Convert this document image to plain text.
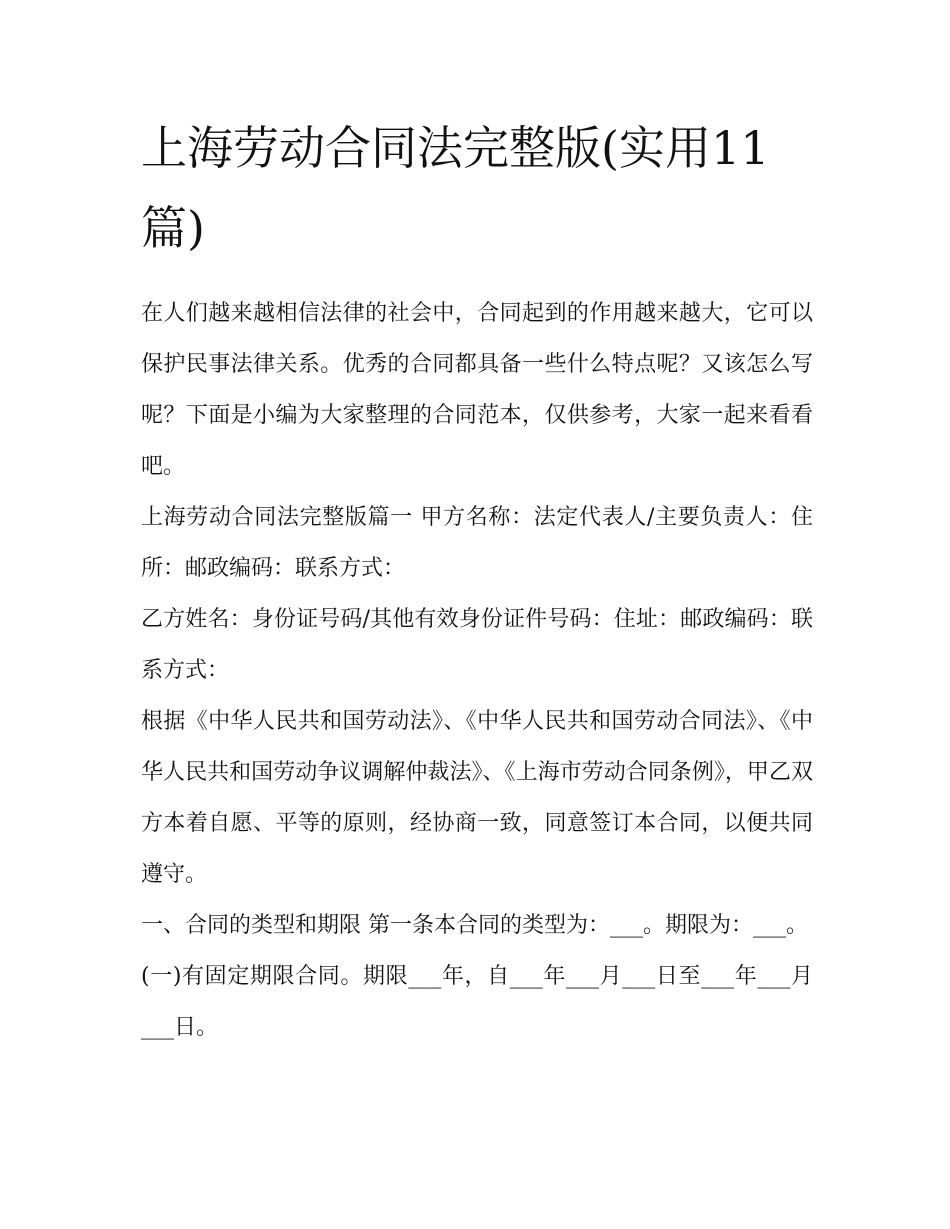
上海劳动合同法完整版(实用11篇)

在人们越来越相信法律的社会中，合同起到的作用越来越大，它可以保护民事法律关系。优秀的合同都具备一些什么特点呢？又该怎么写呢？下面是小编为大家整理的合同范本，仅供参考，大家一起来看看吧。

上海劳动合同法完整版篇一 甲方名称：法定代表人/主要负责人：住所：邮政编码：联系方式：

乙方姓名：身份证号码/其他有效身份证件号码：住址：邮政编码：联系方式：

根据《中华人民共和国劳动法》、《中华人民共和国劳动合同法》、《中华人民共和国劳动争议调解仲裁法》、《上海市劳动合同条例》，甲乙双方本着自愿、平等的原则，经协商一致，同意签订本合同，以便共同遵守。

一、合同的类型和期限 第一条本合同的类型为：___。期限为：___。

(一)有固定期限合同。期限___年，自___年___月___日至___年___月___日。
